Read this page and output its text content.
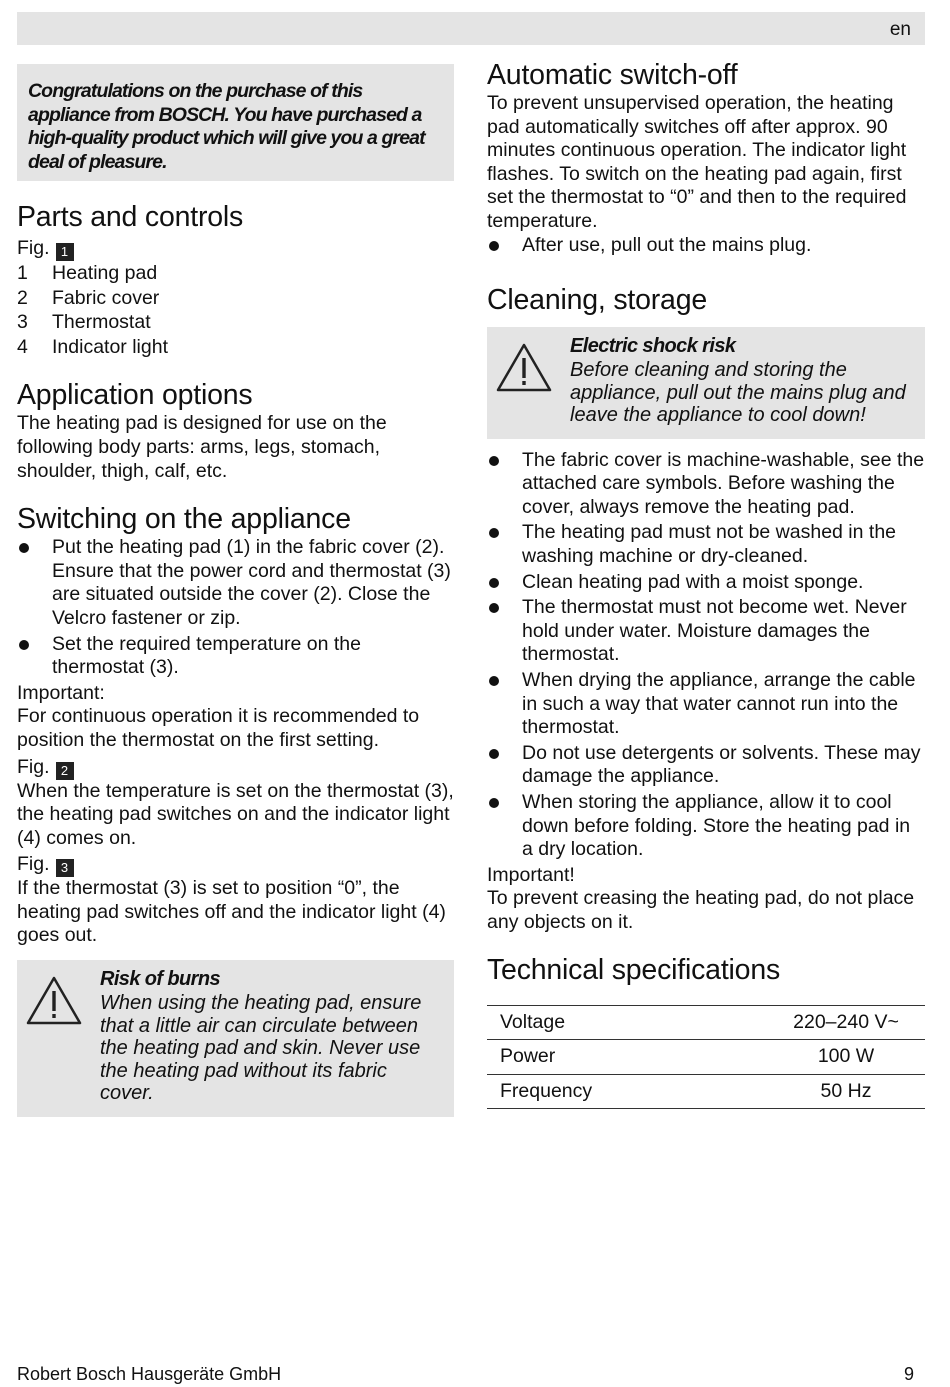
en

Congratulations on the purchase of this appliance from BOSCH. You have purchased a high-quality product which will give you a great deal of pleasure.

Parts and controls
Fig. 1
1 Heating pad
2 Fabric cover
3 Thermostat
4 Indicator light
Application options

The heating pad is designed for use on the following body parts: arms, legs, stomach, shoulder, thigh, calf, etc.

Switching on the appliance
Put the heating pad (1) in the fabric cover (2). Ensure that the power cord and thermostat (3) are situated outside the cover (2). Close the Velcro fastener or zip.
Set the required temperature on the thermostat (3).

Important:

For continuous operation it is recommended to position the thermostat on the first setting.

Fig. 2

When the temperature is set on the thermostat (3), the heating pad switches on and the indicator light (4) comes on.

Fig. 3

If the thermostat (3) is set to position “0”, the heating pad switches off and the indicator light (4) goes out.

Risk of burns

When using the heating pad, ensure that a little air can circulate between the heating pad and skin. Never use the heating pad without its fabric cover.

Automatic switch-off

To prevent unsupervised operation, the heating pad automatically switches off after approx. 90 minutes continuous operation. The indicator light flashes. To switch on the heating pad again, first set the thermostat to “0” and then to the required temperature.

After use, pull out the mains plug.
Cleaning, storage
Electric shock risk

Before cleaning and storing the appliance, pull out the mains plug and leave the appliance to cool down!

The fabric cover is machine-washable, see the attached care symbols. Before washing the cover, always remove the heating pad.
The heating pad must not be washed in the washing machine or dry-cleaned.
Clean heating pad with a moist sponge.
The thermostat must not become wet. Never hold under water. Moisture damages the thermostat.
When drying the appliance, arrange the cable in such a way that water cannot run into the thermostat.
Do not use detergents or solvents. These may damage the appliance.
When storing the appliance, allow it to cool down before folding. Store the heating pad in a dry location.

Important!

To prevent creasing the heating pad, do not place any objects on it.

Technical specifications
Voltage	220–240 V~
Power	100 W
Frequency	50 Hz
Robert Bosch Hausgeräte GmbH	9
